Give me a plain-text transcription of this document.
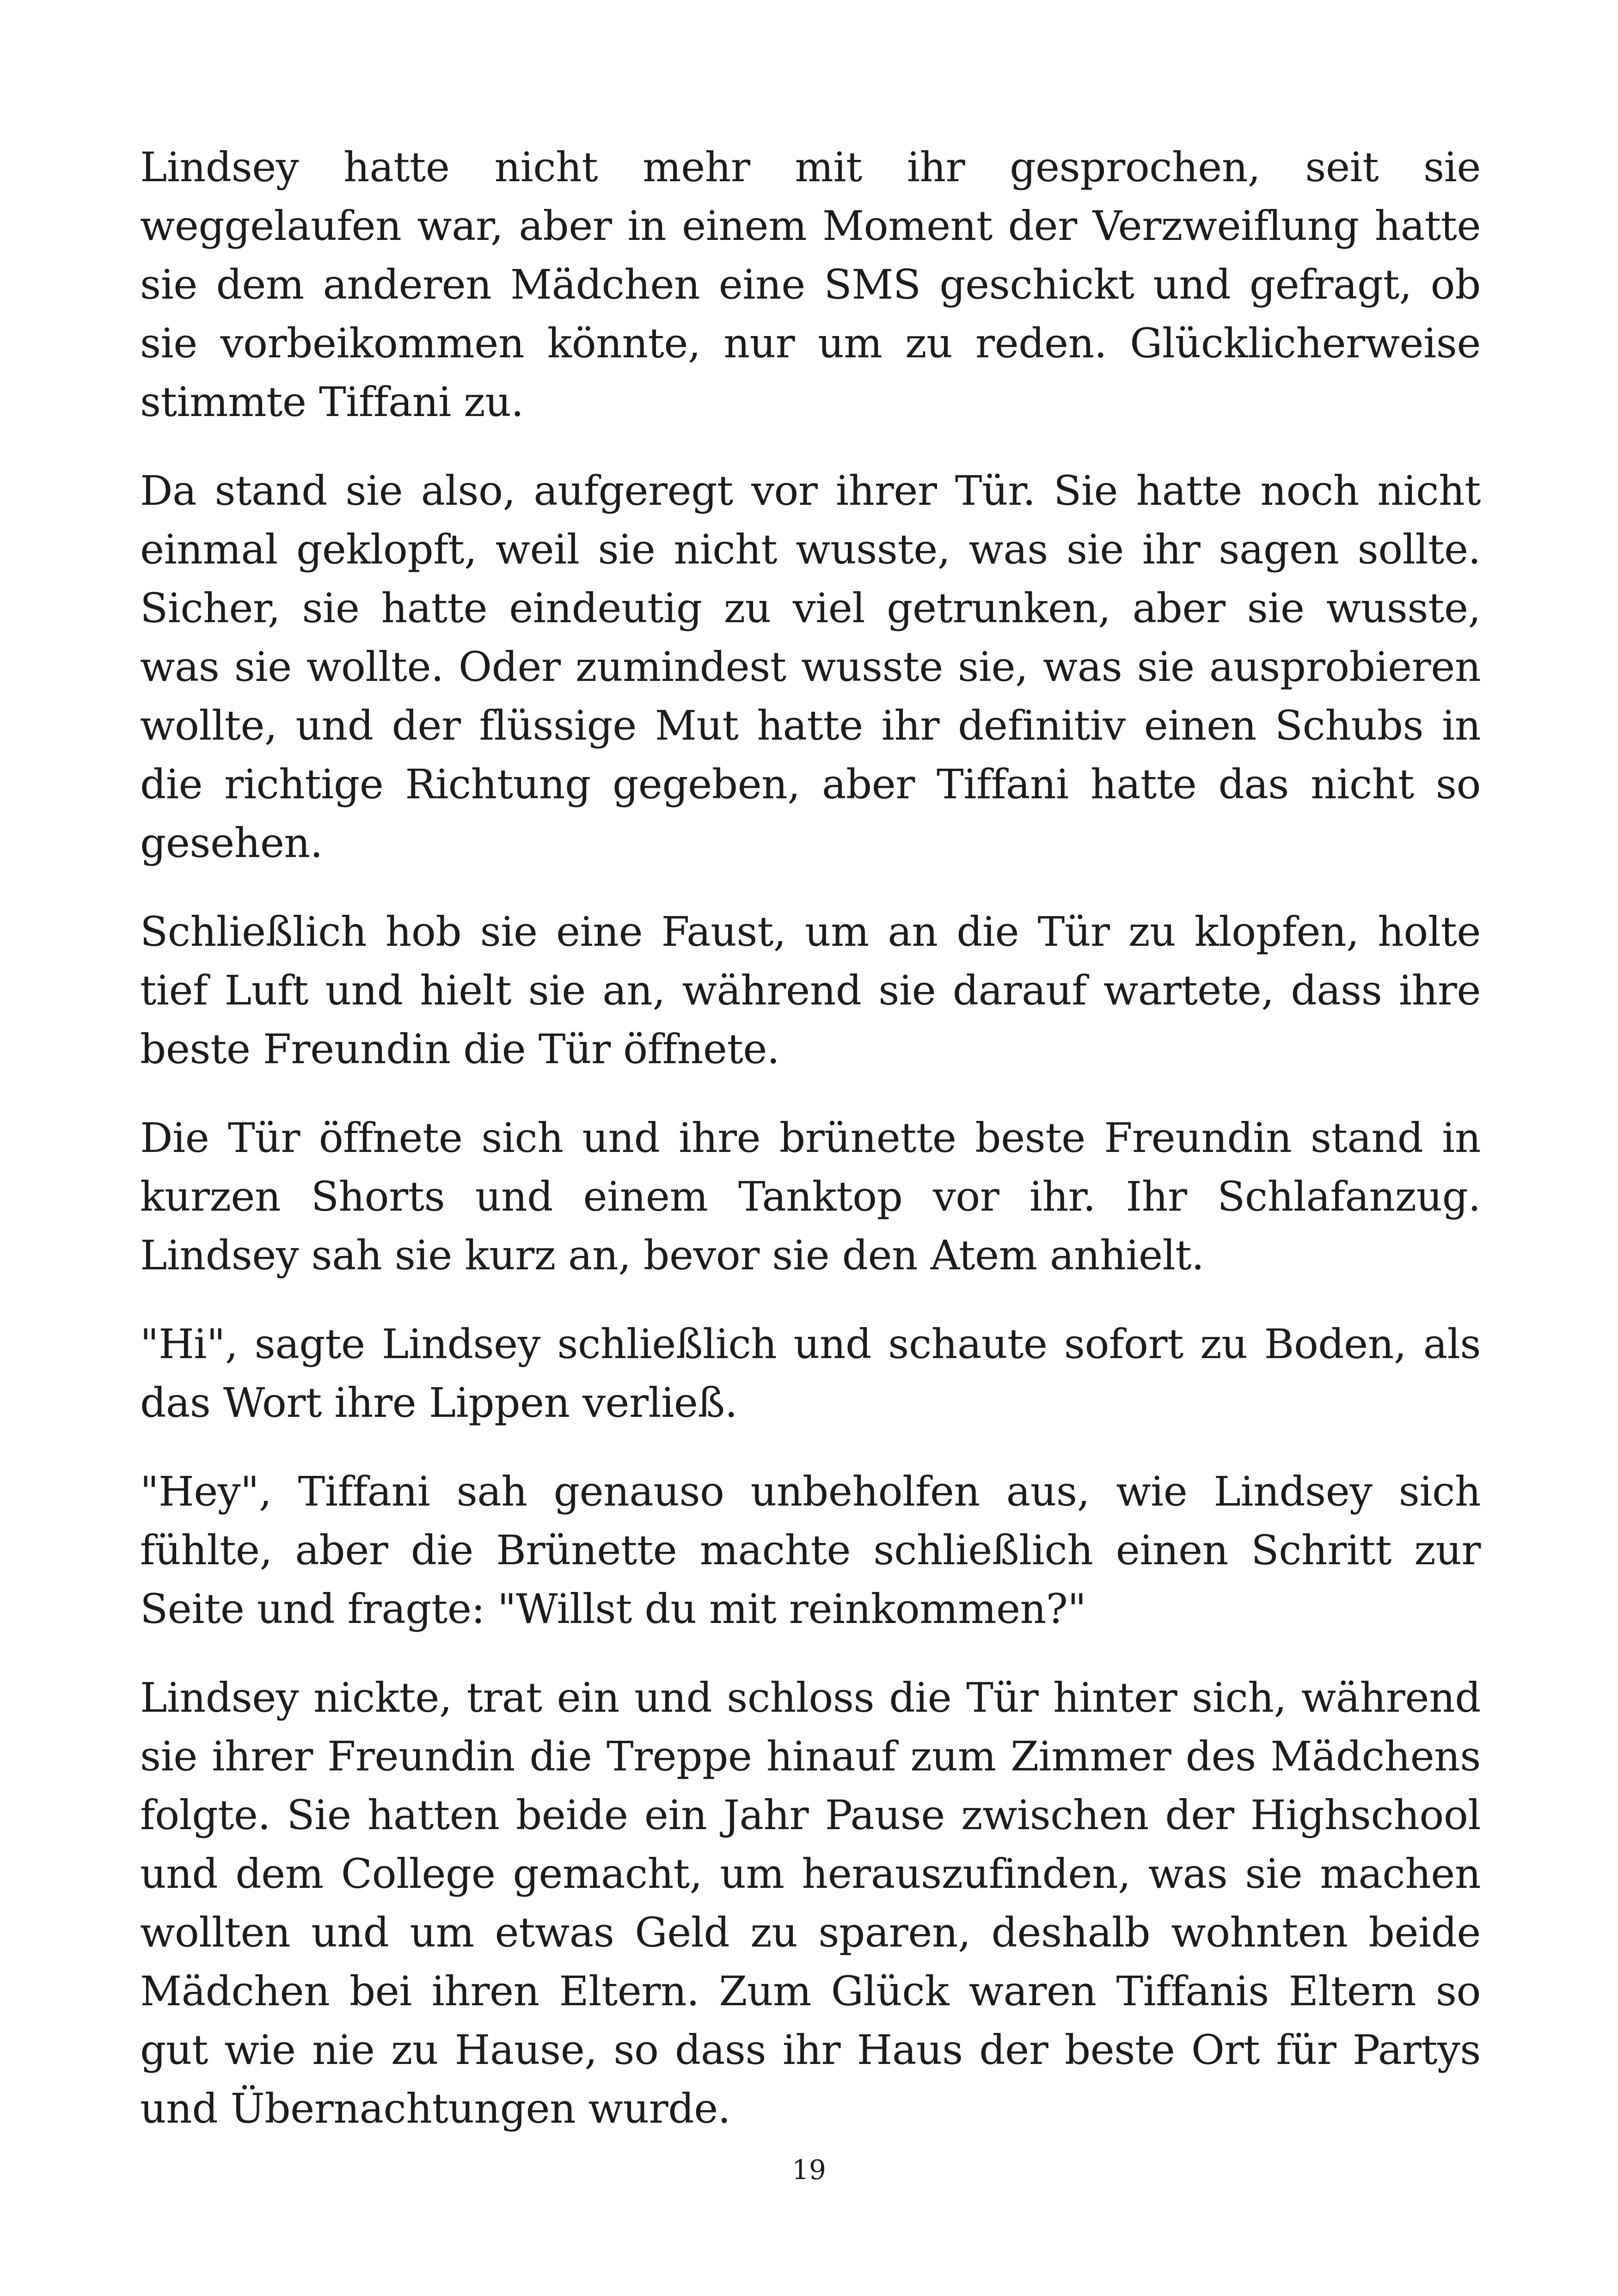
Lindsey hatte nicht mehr mit ihr gesprochen, seit sie weggelaufen war, aber in einem Moment der Verzweiflung hatte sie dem anderen Mädchen eine SMS geschickt und gefragt, ob sie vorbeikommen könnte, nur um zu reden. Glücklicherweise stimmte Tiffani zu.

Da stand sie also, aufgeregt vor ihrer Tür. Sie hatte noch nicht einmal geklopft, weil sie nicht wusste, was sie ihr sagen sollte. Sicher, sie hatte eindeutig zu viel getrunken, aber sie wusste, was sie wollte. Oder zumindest wusste sie, was sie ausprobieren wollte, und der flüssige Mut hatte ihr definitiv einen Schubs in die richtige Richtung gegeben, aber Tiffani hatte das nicht so gesehen.

Schließlich hob sie eine Faust, um an die Tür zu klopfen, holte tief Luft und hielt sie an, während sie darauf wartete, dass ihre beste Freundin die Tür öffnete.

Die Tür öffnete sich und ihre brünette beste Freundin stand in kurzen Shorts und einem Tanktop vor ihr. Ihr Schlafanzug. Lindsey sah sie kurz an, bevor sie den Atem anhielt.

"Hi", sagte Lindsey schließlich und schaute sofort zu Boden, als das Wort ihre Lippen verließ.

"Hey", Tiffani sah genauso unbeholfen aus, wie Lindsey sich fühlte, aber die Brünette machte schließlich einen Schritt zur Seite und fragte: "Willst du mit reinkommen?"

Lindsey nickte, trat ein und schloss die Tür hinter sich, während sie ihrer Freundin die Treppe hinauf zum Zimmer des Mädchens folgte. Sie hatten beide ein Jahr Pause zwischen der Highschool und dem College gemacht, um herauszufinden, was sie machen wollten und um etwas Geld zu sparen, deshalb wohnten beide Mädchen bei ihren Eltern. Zum Glück waren Tiffanis Eltern so gut wie nie zu Hause, so dass ihr Haus der beste Ort für Partys und Übernachtungen wurde.

19
